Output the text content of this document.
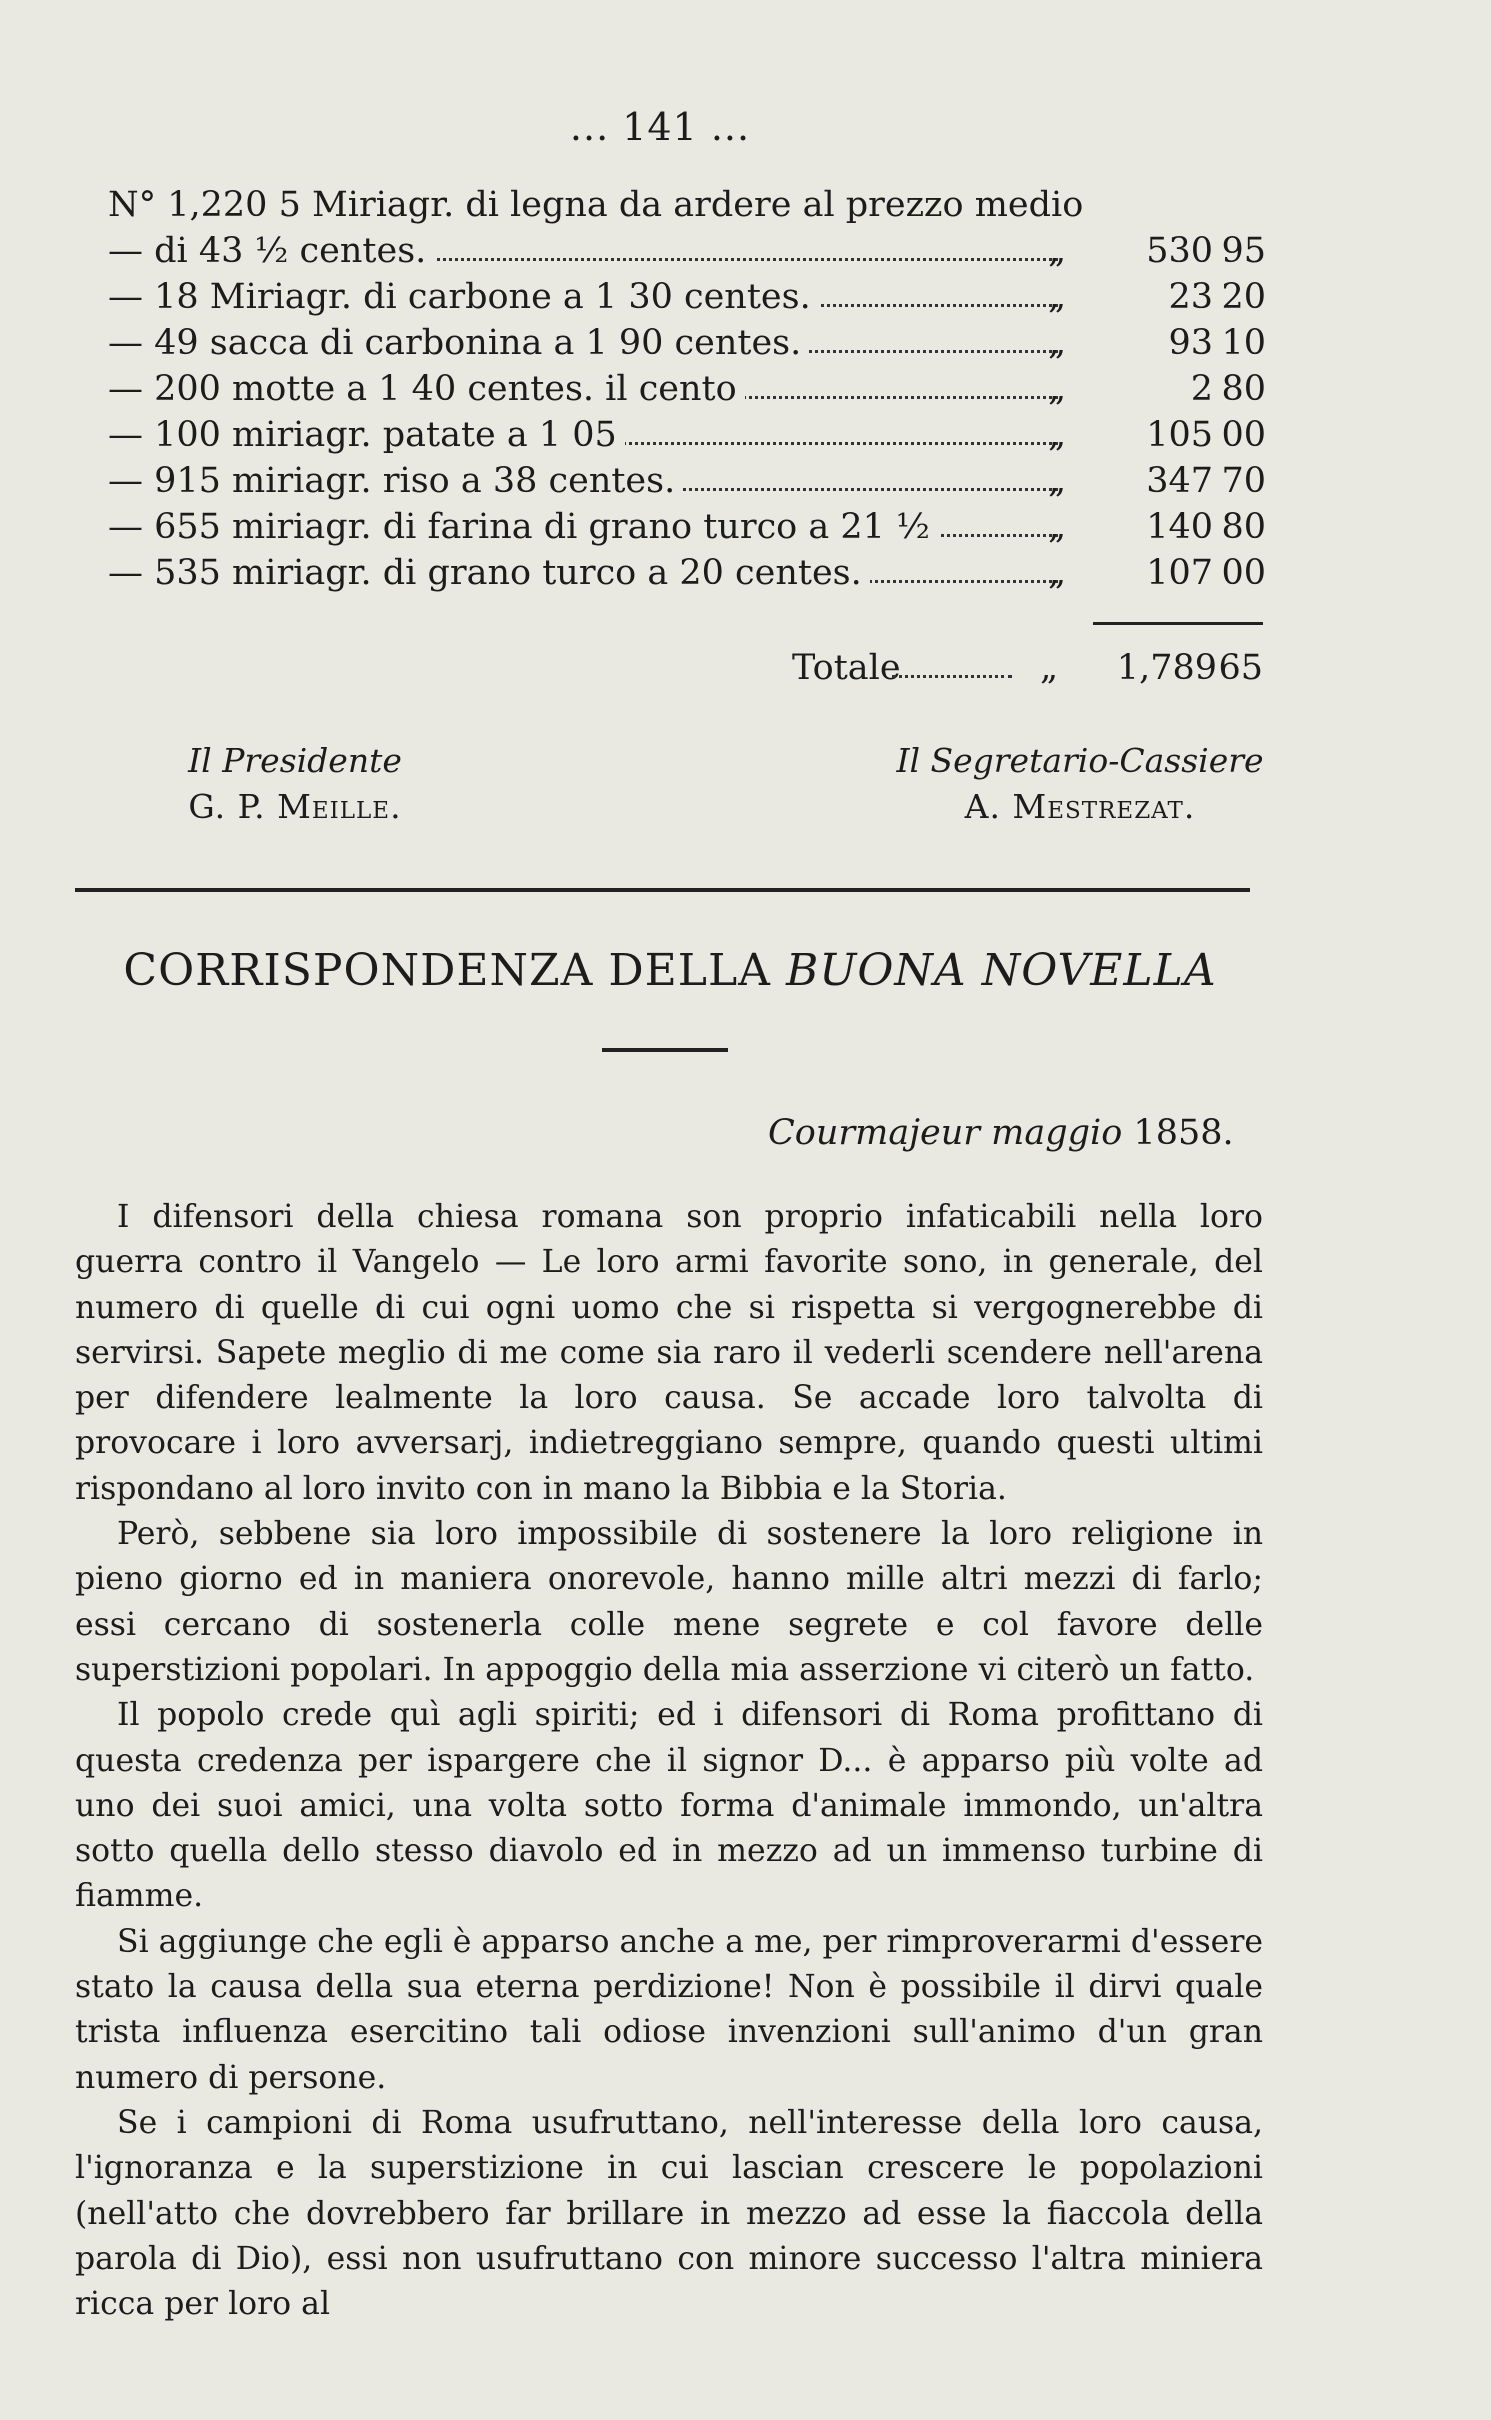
... 141 ...
N° 1,220 5 Miriagr. di legna da ardere al prezzo medio
— di 43 ½ centes.	„	530 95
— 18 Miriagr. di carbone a 1 30 centes.	„	23 20
— 49 sacca di carbonina a 1 90 centes.	„	93 10
— 200 motte a 1 40 centes. il cento	„	2 80
— 100 miriagr. patate a 1 05	„	105 00
— 915 miriagr. riso a 38 centes.	„	347 70
— 655 miriagr. di farina di grano turco a 21 ½	„	140 80
— 535 miriagr. di grano turco a 20 centes.	„	107 00
Totale	„	1,789 65
Il Presidente
G. P. Meille.
Il Segretario-Cassiere
A. Mestrezat.
CORRISPONDENZA DELLA BUONA NOVELLA
Courmajeur maggio 1858.

I difensori della chiesa romana son proprio infaticabili nella loro guerra contro il Vangelo — Le loro armi favorite sono, in generale, del numero di quelle di cui ogni uomo che si rispetta si vergognerebbe di servirsi. Sapete meglio di me come sia raro il vederli scendere nell'arena per difendere lealmente la loro causa. Se accade loro talvolta di provocare i loro avversarj, indietreggiano sempre, quando questi ultimi rispondano al loro invito con in mano la Bibbia e la Storia.

Però, sebbene sia loro impossibile di sostenere la loro religione in pieno giorno ed in maniera onorevole, hanno mille altri mezzi di farlo; essi cercano di sostenerla colle mene segrete e col favore delle superstizioni popolari. In appoggio della mia asserzione vi citerò un fatto.

Il popolo crede quì agli spiriti; ed i difensori di Roma profittano di questa credenza per ispargere che il signor D... è apparso più volte ad uno dei suoi amici, una volta sotto forma d'animale immondo, un'altra sotto quella dello stesso diavolo ed in mezzo ad un immenso turbine di fiamme.

Si aggiunge che egli è apparso anche a me, per rimproverarmi d'essere stato la causa della sua eterna perdizione! Non è possibile il dirvi quale trista influenza esercitino tali odiose invenzioni sull'animo d'un gran numero di persone.

Se i campioni di Roma usufruttano, nell'interesse della loro causa, l'ignoranza e la superstizione in cui lascian crescere le popolazioni (nell'atto che dovrebbero far brillare in mezzo ad esse la fiaccola della parola di Dio), essi non usufruttano con minore successo l'altra miniera ricca per loro al
